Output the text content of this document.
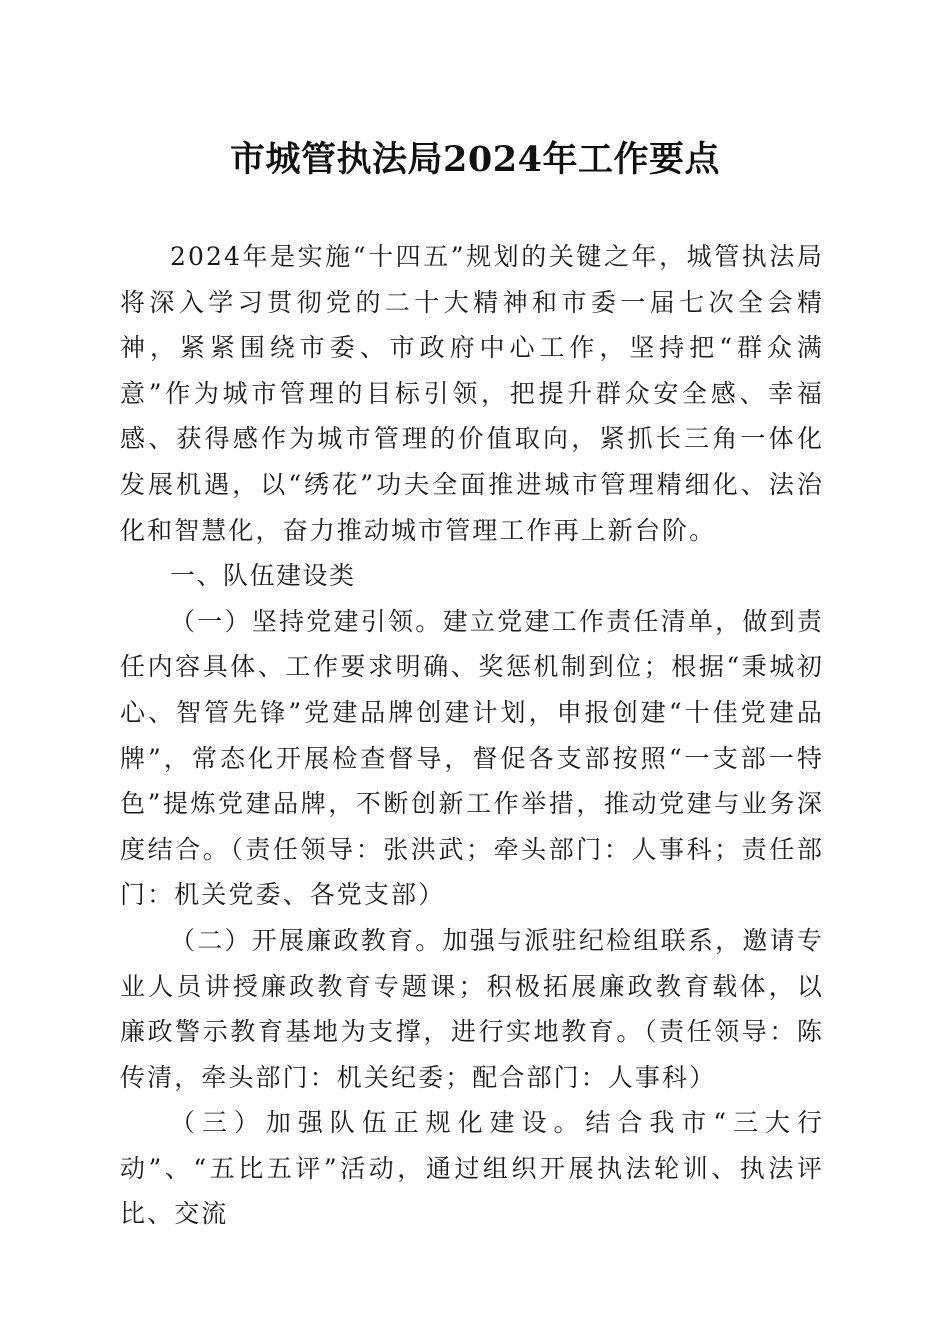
市城管执法局2024年工作要点

2024年是实施“十四五”规划的关键之年，城管执法局将深入学习贯彻党的二十大精神和市委一届七次全会精神，紧紧围绕市委、市政府中心工作，坚持把“群众满意”作为城市管理的目标引领，把提升群众安全感、幸福感、获得感作为城市管理的价值取向，紧抓长三角一体化发展机遇，以“绣花”功夫全面推进城市管理精细化、法治化和智慧化，奋力推动城市管理工作再上新台阶。

一、队伍建设类

（一）坚持党建引领。建立党建工作责任清单，做到责任内容具体、工作要求明确、奖惩机制到位；根据“秉城初心、智管先锋”党建品牌创建计划，申报创建“十佳党建品牌”，常态化开展检查督导，督促各支部按照“一支部一特色”提炼党建品牌，不断创新工作举措，推动党建与业务深度结合。（责任领导：张洪武；牵头部门：人事科；责任部门：机关党委、各党支部）

（二）开展廉政教育。加强与派驻纪检组联系，邀请专业人员讲授廉政教育专题课；积极拓展廉政教育载体，以廉政警示教育基地为支撑，进行实地教育。（责任领导：陈传清，牵头部门：机关纪委；配合部门：人事科）

（三）加强队伍正规化建设。结合我市“三大行动”、“五比五评”活动，通过组织开展执法轮训、执法评比、交流
